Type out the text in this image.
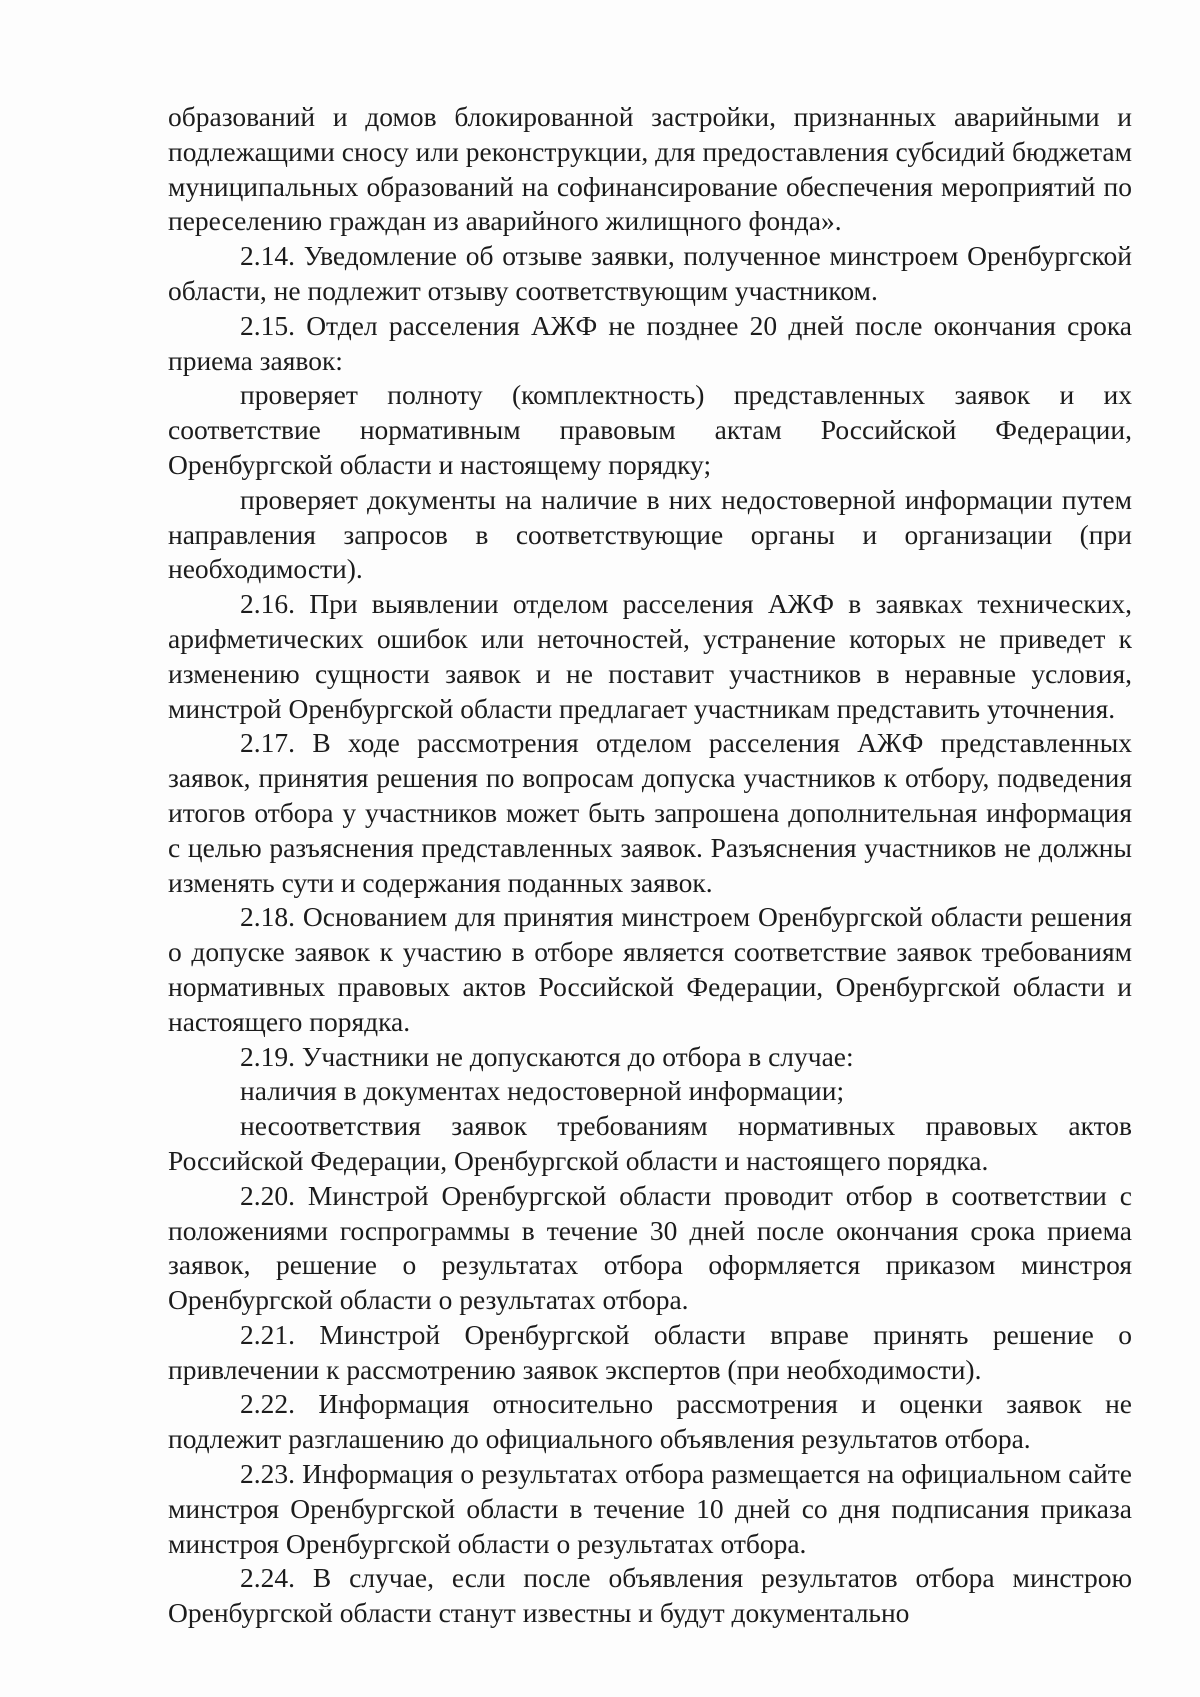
образований и домов блокированной застройки, признанных аварийными и подлежащими сносу или реконструкции, для предоставления субсидий бюджетам муниципальных образований на софинансирование обеспечения мероприятий по переселению граждан из аварийного жилищного фонда».

2.14. Уведомление об отзыве заявки, полученное минстроем Оренбургской области, не подлежит отзыву соответствующим участником.

2.15. Отдел расселения АЖФ не позднее 20 дней после окончания срока приема заявок:

проверяет полноту (комплектность) представленных заявок и их соответствие нормативным правовым актам Российской Федерации, Оренбургской области и настоящему порядку;

проверяет документы на наличие в них недостоверной информации путем направления запросов в соответствующие органы и организации (при необходимости).

2.16. При выявлении отделом расселения АЖФ в заявках технических, арифметических ошибок или неточностей, устранение которых не приведет к изменению сущности заявок и не поставит участников в неравные условия, минстрой Оренбургской области предлагает участникам представить уточнения.

2.17. В ходе рассмотрения отделом расселения АЖФ представленных заявок, принятия решения по вопросам допуска участников к отбору, подведения итогов отбора у участников может быть запрошена дополнительная информация с целью разъяснения представленных заявок. Разъяснения участников не должны изменять сути и содержания поданных заявок.

2.18. Основанием для принятия минстроем Оренбургской области решения о допуске заявок к участию в отборе является соответствие заявок требованиям нормативных правовых актов Российской Федерации, Оренбургской области и настоящего порядка.

2.19. Участники не допускаются до отбора в случае:

наличия в документах недостоверной информации;

несоответствия заявок требованиям нормативных правовых актов Российской Федерации, Оренбургской области и настоящего порядка.

2.20. Минстрой Оренбургской области проводит отбор в соответствии с положениями госпрограммы в течение 30 дней после окончания срока приема заявок, решение о результатах отбора оформляется приказом минстроя Оренбургской области о результатах отбора.

2.21. Минстрой Оренбургской области вправе принять решение о привлечении к рассмотрению заявок экспертов (при необходимости).

2.22. Информация относительно рассмотрения и оценки заявок не подлежит разглашению до официального объявления результатов отбора.

2.23. Информация о результатах отбора размещается на официальном сайте минстроя Оренбургской области в течение 10 дней со дня подписания приказа минстроя Оренбургской области о результатах отбора.

2.24. В случае, если после объявления результатов отбора минстрою Оренбургской области станут известны и будут документально
